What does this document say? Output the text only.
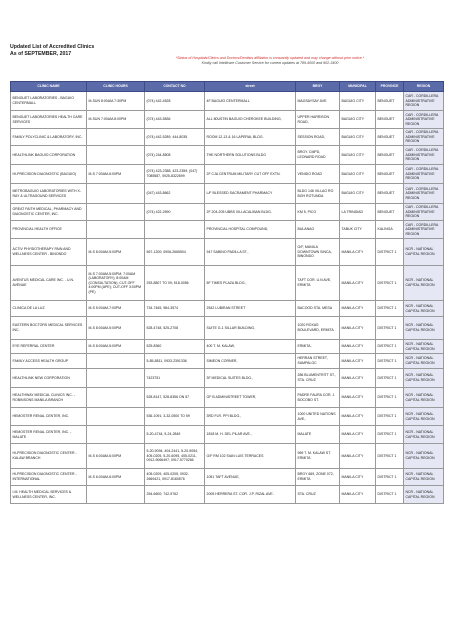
Updated List of Accredited Clinics
As of SEPTEMBER, 2017
*Status of Hospitals/Clinics and Doctors/Dentists affiliation is constantly updated and may change without prior notice.*
Kindly call Intellicare Customer Service for current updates at 789-4000 and 902-3400
CLINIC NAME	CLINIC HOURS	CONTACT NO	street	BRGY	MUNICIPAL	PROVINCE	REGION
BENGUET LABORATORIES - BAGUIO CENTERMALL	M-SUN 8:00AM-7:30PM	(074) 442-4528	4F BAGUIO CENTERMALL	MAGSAYSAY AVE.	BAGUIO CITY	BENGUET	CAR - CORDILLERA ADMINISTRATIVE REGION
BENGUET LABORATORIES HEALTH CARE SERVICES	M-SUN 7:00AM-8:00PM	(074) 443-5836	ALL 80USTIN BAGUIO CHEROKEE BUILDING,	UPPER HARRISON ROAD,	BAGUIO CITY	BENGUET	CAR - CORDILLERA ADMINISTRATIVE REGION
FAMILY POLYCLINIC & LABORATORY, INC.		(074) 442-5289, 444-8035	ROOM 12-13 & 16 LAPERAL BLDG.	SESSION ROAD,	BAGUIO CITY	BENGUET	CAR - CORDILLERA ADMINISTRATIVE REGION
HEALTHLINK BAGUIO CORPORATION		(074) 244-8508	THE NORTHERN SOLUTIONS BLDG	BRGY. CMPD, LEONARD ROAD	BAGUIO CITY	BENGUET	CAR - CORDILLERA ADMINISTRATIVE REGION
HI-PRECISION DIAGNOSTIC (BAGUIO)	M-S 7:00AM-6:00PM	(074) 423-2358, 423-2359, (047) 7085587, 0925-8322699	2F CJA CENTRUM MILITARY CUT OFF EXTN.	VENIDO ROAD	BAGUIO CITY	BENGUET	CAR - CORDILLERA ADMINISTRATIVE REGION
METROBAGUIO LABORATORIES WITH X-RAY & ULTRASOUND SERVICES		(047) 443-8662	L/F BLESSED SACRAMENT PHARMACY	BLDG 146 VILLAG RO BGH ROTUNDA	BAGUIO CITY	BENGUET	CAR - CORDILLERA ADMINISTRATIVE REGION
GREAT FAITH MEDICAL, PHARMACY AND DIAGNOSTIC CENTER, INC.		(074) 422-2590	2F 204-205 UBBS VILLACALIBAN BLDG.	KM 5, PICO	LA TRINIDAD	BENGUET	CAR - CORDILLERA ADMINISTRATIVE REGION
PROVINCIAL HEALTH OFFICE			PROVINCIAL HOSPITAL COMPOUND,	BULANAO	TABUK CITY	KALINGA	CAR - CORDILLERA ADMINISTRATIVE REGION
ACTIV PHYSIOTHERAPY PAIN AND WELLNESS CENTER - BINONDO	M-S 8:00AM-5:00PM	567-1200; 0906-2665504	947 SABINO PADILLA ST.,	G/F, MANILA DOWNTOWN SINCA, BINONDO	MANILA CITY	DISTRICT 1	NCR - NATIONAL CAPITAL REGION
AVENTUS MEDICAL CARE INC. - U.N. AVENUE	M-S 7:00AM-5:00PM; 7:00AM (LABORATORY); 8:00AM (CONSULTATION); CUT-OFF 4:00PM (APE); CUT-OFF 3:00PM (PE)	253-8807 TO 09; 518-0056	5F TIMES PLAZA BLDG.,	TAFT COR. U.N AVE, ERMITA	MANILA CITY	DISTRICT 1	NCR - NATIONAL CAPITAL REGION
CLINICA DE LA LUZ	M-S 5:00AM-7:00PM	734-7465, 984-3574	2542 LUBIRAN STREET	BACOOD STA. MESA	MANILA CITY	DISTRICT 1	NCR - NATIONAL CAPITAL REGION
EASTERN BOCTORS MEDICAL SERVICES INC.	M-S 8:00AM-5:00PM	528-4748, 525-2708	SUITE G-1 SILLAR BUILDING,	1020 ROXAS BOULEVARD, ERMITA	MANILA CITY	DISTRICT 1	NCR - NATIONAL CAPITAL REGION
EYE REFERRAL CENTER	M-S 8:00AM-5:00PM	525-8360	400 T. M. KALAW,	ERMITA,	MANILA CITY	DISTRICT 1	NCR - NATIONAL CAPITAL REGION
FAMILY ACCESS HEALTH GROUP		5-85-8811, 0933-2391336	SIMEON CORNER,	HERRAN STREET, SAMPALOC	MANILA CITY	DISTRICT 1	NCR - NATIONAL CAPITAL REGION
HEALTHLINK NEW CORPORATION		7423751	3F MEDICAL SUITES BLDG.,	286 BLUMENTRITT ST., STA. CRUZ	MANILA CITY	DISTRICT 1	NCR - NATIONAL CAPITAL REGION
HEALTHWAY MEDICAL CLINICS INC. - ROBINSONS MANILA BRANCH		528-8147, 528-8356 ON 57	GF B ADMINISTREET TOWER,	PADRE FAURA COR. J. BOCOBO ST.	MANILA CITY	DISTRICT 1	NCR - NATIONAL CAPITAL REGION
HEMOSTER RENAL CENTER, INC.		536-1091; 3-32-0500 TO 59	3RD FLR. PPI BLDG.,	1000 UNITED NATIONS AVE.,	MANILA CITY	DISTRICT 1	NCR - NATIONAL CAPITAL REGION
HEMOSTER RENAL CENTER, INC. - MALATE		5-20-4744, 5-24-2849	1818 M. H. DEL PILAR AVE.,	MALATE	MANILA CITY	DISTRICT 1	NCR - NATIONAL CAPITAL REGION
HI-PRECISION DIAGNOSTIC CENTER - KALAW BRANCH	M-S 6:00AM-6:00PM	5-20-9094, 404-2441, 5-20-9054, 405-0205, 5-20-6095, 405-0211, 0912-9066497, 0917-5770266	G/F RM 102 SIAN LUIS TERRACES	969 T. M. KALAW ST. ERMITA	MANILA CITY	DISTRICT 1	NCR - NATIONAL CAPITAL REGION
HI-PRECISION DIAGNOSTIC CENTER - INTERNATIONAL	M-S 6:00AM-6:00PM	405-0209, 405-0205, 0932-2669421, 0917-8160576	1051 TAFT AVENUE,	BRGY 669, ZONE 072, ERMITA	MANILA CITY	DISTRICT 1	NCR - NATIONAL CAPITAL REGION
I.M. HEALTH MEDICAL SERVICES & WELLNESS CENTER, INC.		254-6600; 742-9762	2005 HERRERA ST. COR. J.P. RIZAL AVE.	STA. CRUZ	MANILA CITY	DISTRICT 1	NCR - NATIONAL CAPITAL REGION
